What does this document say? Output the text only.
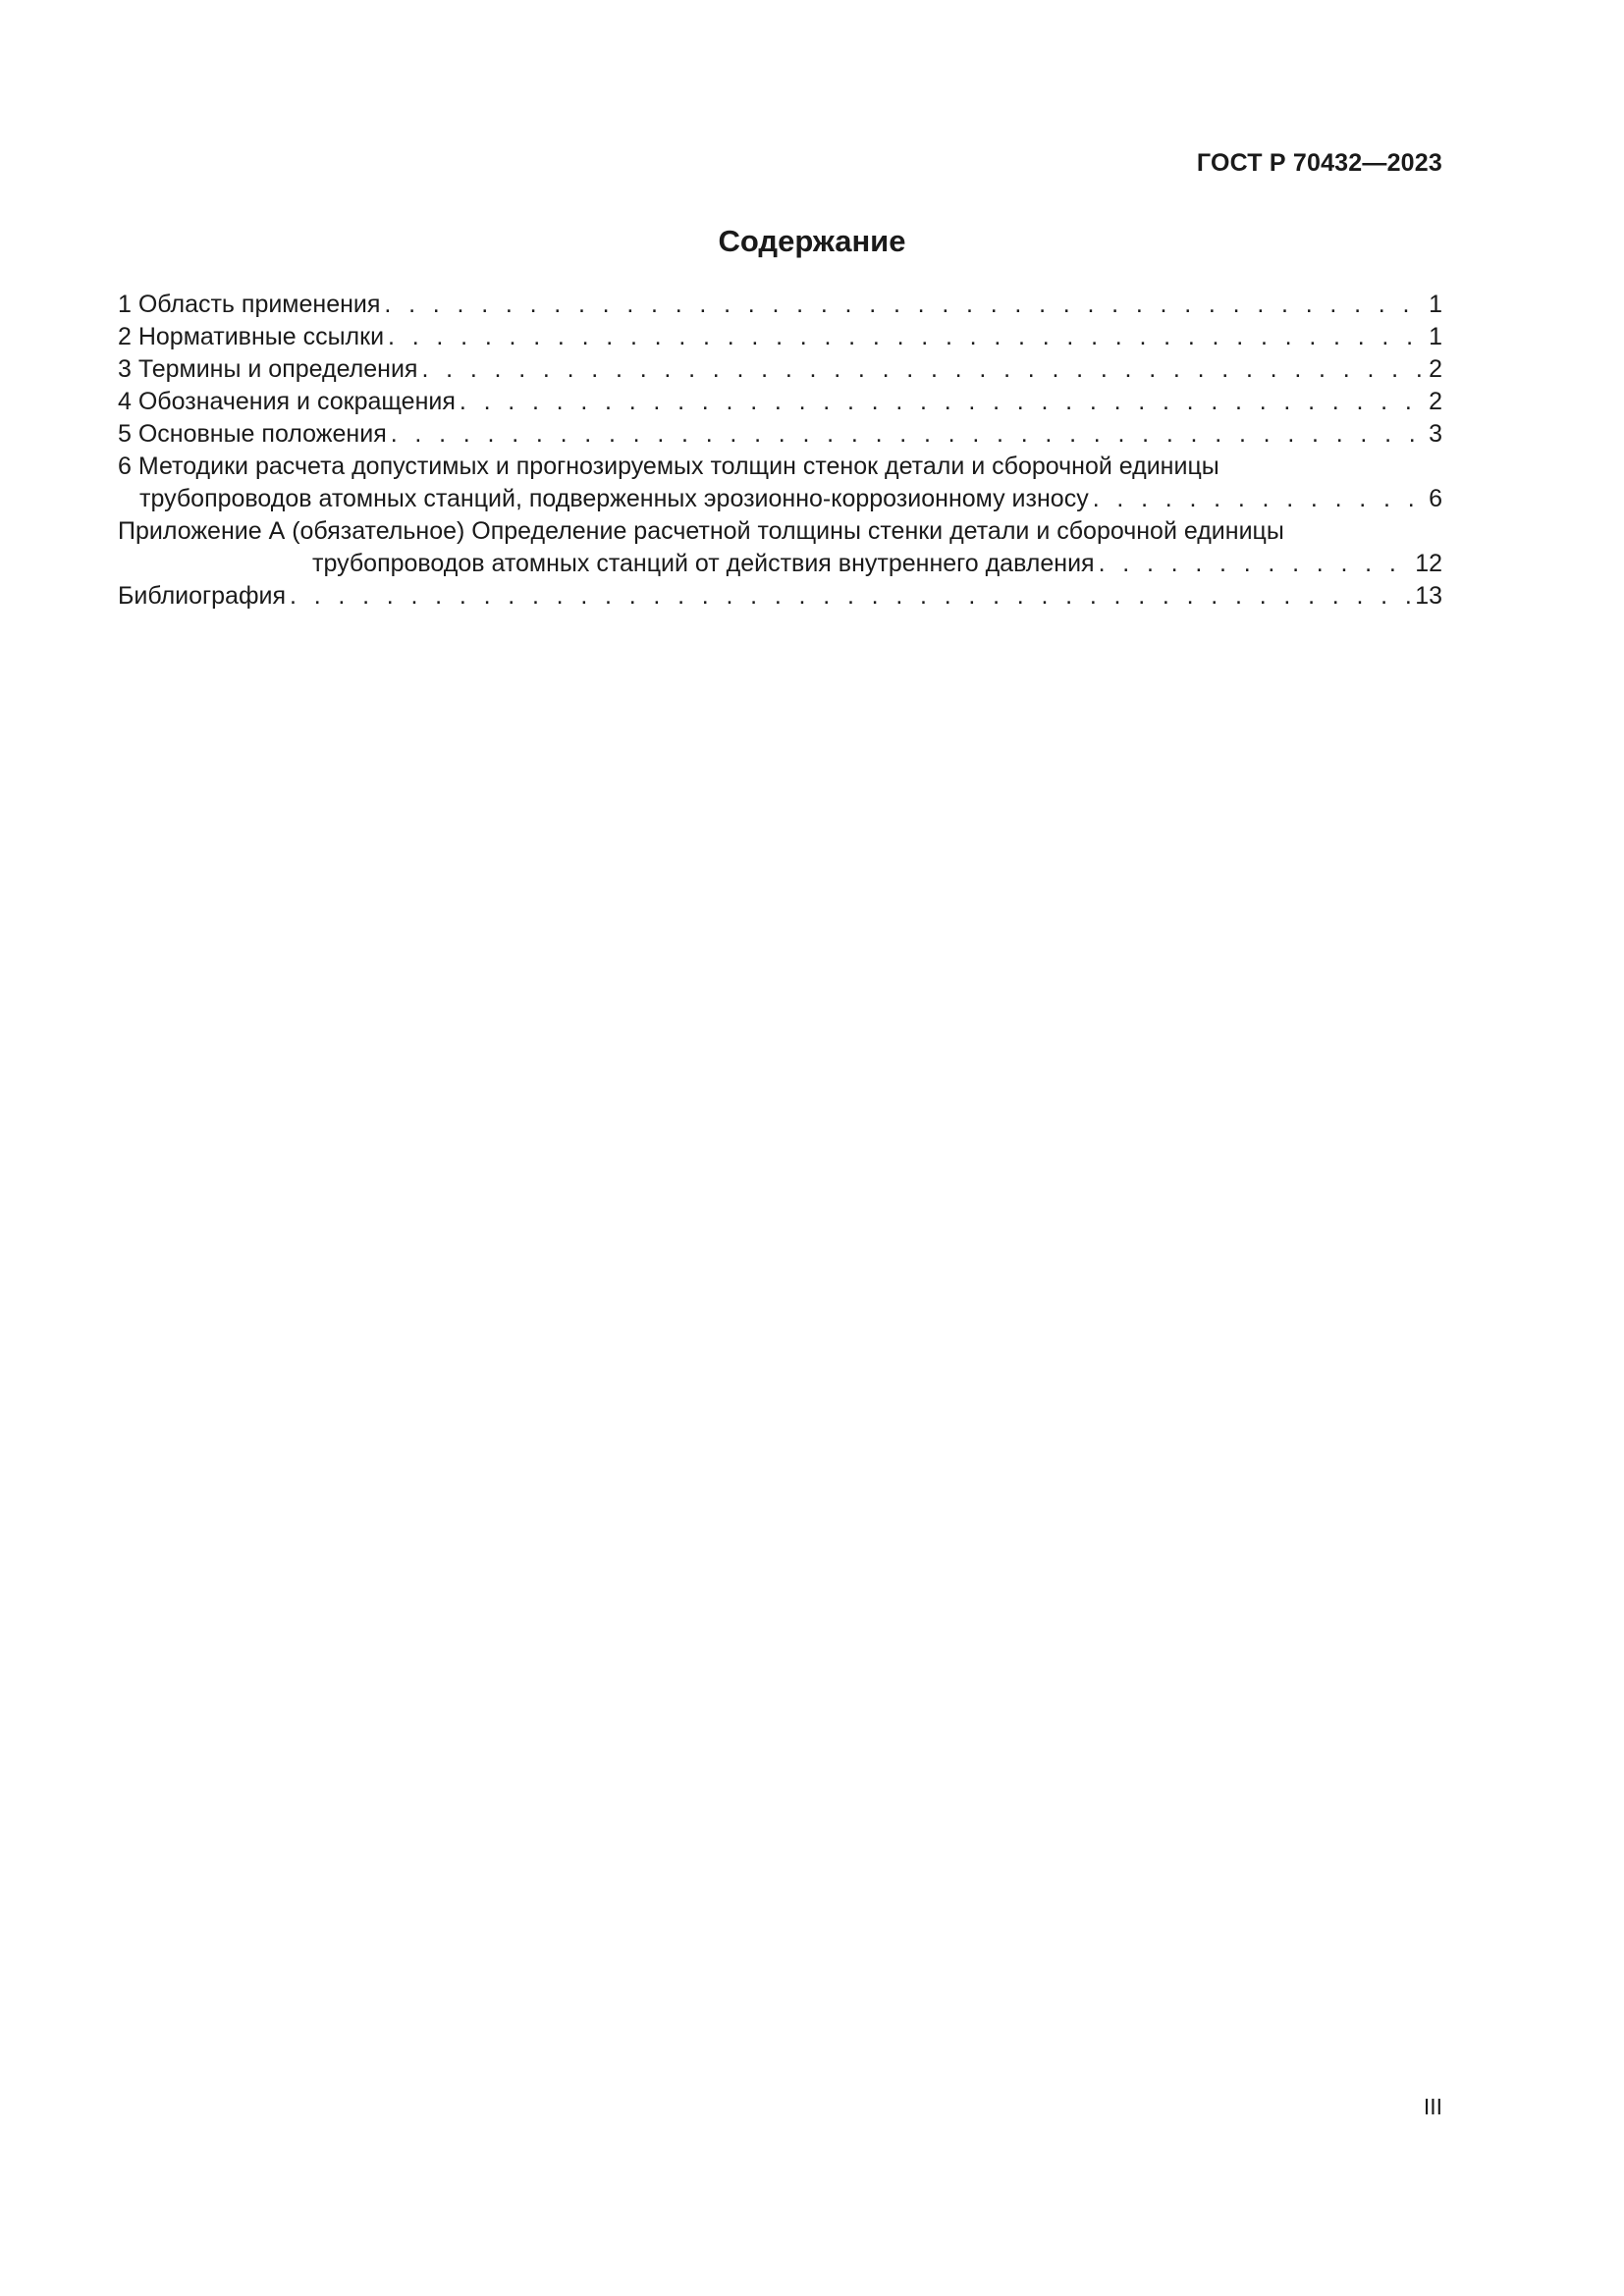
ГОСТ Р 70432—2023
Содержание
1 Область применения . . .	1
2 Нормативные ссылки . . .	1
3 Термины и определения . . .	2
4 Обозначения и сокращения . . .	2
5 Основные положения . . .	3
6 Методики расчета допустимых и прогнозируемых толщин стенок детали и сборочной единицы
трубопроводов атомных станций, подверженных эрозионно-коррозионному износу . . .	6
Приложение А (обязательное) Определение расчетной толщины стенки детали и сборочной единицы
трубопроводов атомных станций от действия внутреннего давления . . .	12
Библиография . . .	13
III
